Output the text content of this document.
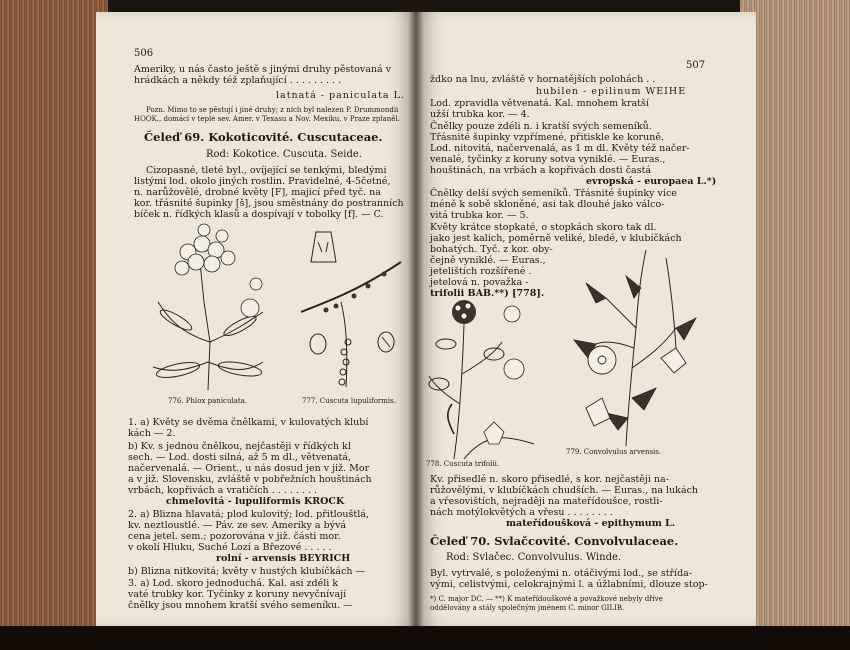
506
Ameriky, u nás často ještě s jinými druhy pěstovaná v
hrádkách a někdy též zplaňující . . . . . . . . .
latnatá - paniculata L.
Pozn. Mimo to se pěstují i jiné druhy; z nich byl nalezen P. Drummondii
HOOK., domácí v teplé sev. Amer. v Texasu a Nov. Mexiku, v Praze zplaněl.
Čeleď 69. Kokoticovité. Cuscutaceae.
Rod: Kokotice. Cuscuta. Seide.
Cizopasné, tleté byl., ovíjející se tenkými, bledými
listými lod. okolo jiných rostlin. Pravidelné, 4-5četné,
n. narůžovělé, drobné květy [F], majicí před tyč. na
kor. třásnité šupinky [š], jsou směstnány do postranních
bíček n. řídkých klasů a dospívají v tobolky [f]. — C.
776. Phlox paniculata.	777. Cuscuta lupuliformis.
1. a) Květy se dvěma čnělkami, v kulovatých klubí
kách — 2.
b) Kv. s jednou čnělkou, nejčastěji v řídkých kl
sech. — Lod. dosti silná, až 5 m dl., větvenatá,
načervenalá. — Orient., u nás dosud jen v již. Mor
a v již. Slovensku, zvláště v pobřežních houštinách
vrbách, kopřivách a vratičích . . . . . . . .
chmelovitá - lupuliformis KROCK
2. a) Blizna hlavatá; plod kulovitý; lod. přitlouštlá,
kv. neztloustlé. — Páv. ze sev. Ameriky a bývá
cena jetel. sem.; pozorována v již. části mor.
v okolí Hluku, Suché Lozí a Březové . . . . .
rolní - arvensis BEYRICH
b) Blizna nitkovitá; květy v hustých klubíčkách —
3. a) Lod. skoro jednoduchá. Kal. asi zdéli k
vaté trubky kor. Tyčinky z koruny nevyčnívají
čnělky jsou mnohem kratší svého semeníku. —
507
ždko na lnu, zvláště v hornatějších polohách . .
hubilen - epilinum WEIHE
Lod. zpravidla větvenatá. Kal. mnohem kratší
užší trubka kor. — 4.
Čnělky pouze zdéli n. i kratší svých semeníků.
Třásnité šupinky vzpřímené, přitiskle ke koruně.
Lod. nitovitá, načervenalá, as 1 m dl. Květy též načer-
venalé, tyčinky z koruny sotva vyniklé. — Euras.,
houštinách, na vrbách a kopřivách dosti častá
evropská - europaea L.*)
Čnělky delší svých semeníků. Třásnité šupinky více
méně k sobě skloněné, asi tak dlouhé jako válco-
vitá trubka kor. — 5.
Květy krátce stopkaté, o stopkách skoro tak dl.
jako jest kalich, poměrně veliké, bledé, v klubíčkách
bohatých. Tyč. z kor. oby-
čejně vyniklé. — Euras.,
jetelištích rozšířené .
jetelová n. považka -
trifolii BAB.**) [778].
778. Cuscuta trifolii.
779. Convolvulus arvensis.
Kv. přisedlé n. skoro přisedlé, s kor. nejčastěji na-
růžovělými, v klubíčkách chudších. — Euras., na lukách
a vřesovištích, nejraději na mateřídoušce, rostli-
nách motýlokvětých a vřesu . . . . . . . .
mateřídoušková - epithymum L.
Čeleď 70. Svlačcovité. Convolvulaceae.
Rod: Svlačec. Convolvulus. Winde.
Byl. vytrvalé, s položenými n. otáčivými lod., se střída-
vými, celistvými, celokrajnými l. a úžlabními, dlouze stop-
*) C. major DC. — **) K mateřídouškové a považkové nebyly dříve
oddělovány a stály společným jménem C. minor GILIB.
